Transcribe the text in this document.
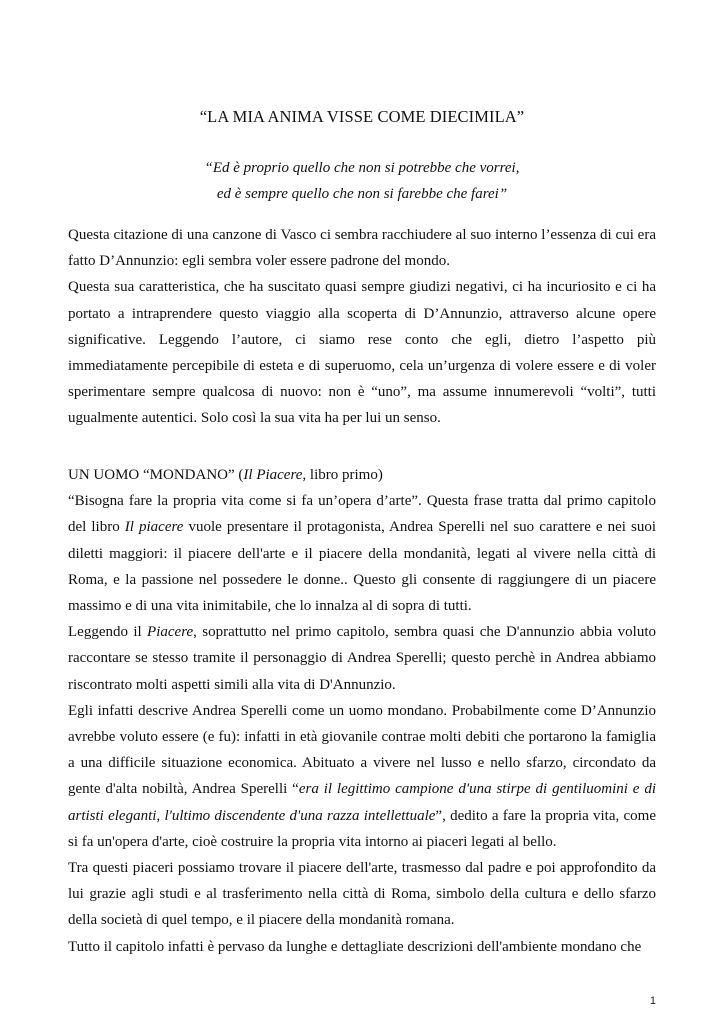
“LA MIA ANIMA VISSE COME DIECIMILA”
“Ed è proprio quello che non si potrebbe che vorrei,
ed è sempre quello che non si farebbe che farei”

Questa citazione di una canzone di Vasco ci sembra racchiudere al suo interno l’essenza di cui era fatto D’Annunzio: egli sembra voler essere padrone del mondo.

Questa sua caratteristica, che ha suscitato quasi sempre giudizi negativi, ci ha incuriosito e ci ha portato a intraprendere questo viaggio alla scoperta di D’Annunzio, attraverso alcune opere significative. Leggendo l’autore, ci siamo rese conto che egli, dietro l’aspetto più immediatamente percepibile di esteta e di superuomo, cela un’urgenza di volere essere e di voler sperimentare sempre qualcosa di nuovo: non è “uno”, ma assume innumerevoli “volti”, tutti ugualmente autentici. Solo così la sua vita ha per lui un senso.

UN UOMO “MONDANO” (Il Piacere, libro primo)

“Bisogna fare la propria vita come si fa un’opera d’arte”. Questa frase tratta dal primo capitolo del libro Il piacere vuole presentare il protagonista, Andrea Sperelli nel suo carattere e nei suoi diletti maggiori: il piacere dell'arte e il piacere della mondanità, legati al vivere nella città di Roma, e la passione nel possedere le donne.. Questo gli consente di raggiungere di un piacere massimo e di una vita inimitabile, che lo innalza al di sopra di tutti.

Leggendo il Piacere, soprattutto nel primo capitolo, sembra quasi che D'annunzio abbia voluto raccontare se stesso tramite il personaggio di Andrea Sperelli; questo perchè in Andrea abbiamo riscontrato molti aspetti simili alla vita di D'Annunzio.

Egli infatti descrive Andrea Sperelli come un uomo mondano. Probabilmente come D’Annunzio avrebbe voluto essere (e fu): infatti in età giovanile contrae molti debiti che portarono la famiglia a una difficile situazione economica. Abituato a vivere nel lusso e nello sfarzo, circondato da gente d'alta nobiltà, Andrea Sperelli “era il legittimo campione d'una stirpe di gentiluomini e di artisti eleganti, l'ultimo discendente d'una razza intellettuale”, dedito a fare la propria vita, come si fa un'opera d'arte, cioè costruire la propria vita intorno ai piaceri legati al bello.

Tra questi piaceri possiamo trovare il piacere dell'arte, trasmesso dal padre e poi approfondito da lui grazie agli studi e al trasferimento nella città di Roma, simbolo della cultura e dello sfarzo della società di quel tempo, e il piacere della mondanità romana.

Tutto il capitolo infatti è pervaso da lunghe e dettagliate descrizioni dell'ambiente mondano che

1
